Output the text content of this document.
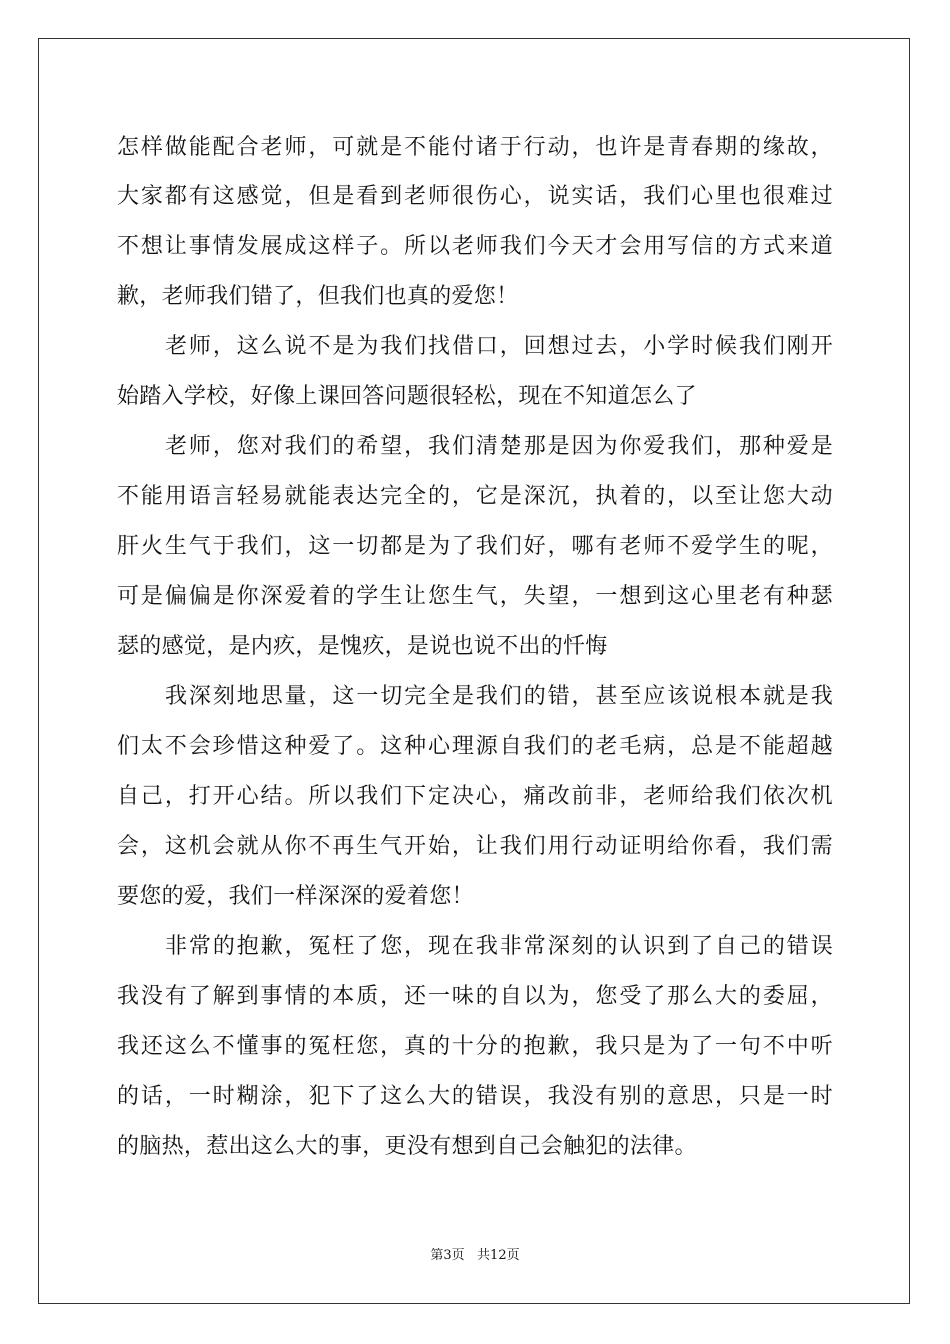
怎样做能配合老师，可就是不能付诸于行动，也许是青春期的缘故，

大家都有这感觉，但是看到老师很伤心，说实话，我们心里也很难过

不想让事情发展成这样子。所以老师我们今天才会用写信的方式来道

歉，老师我们错了，但我们也真的爱您！

老师，这么说不是为我们找借口，回想过去，小学时候我们刚开

始踏入学校，好像上课回答问题很轻松，现在不知道怎么了

老师，您对我们的希望，我们清楚那是因为你爱我们，那种爱是

不能用语言轻易就能表达完全的，它是深沉，执着的，以至让您大动

肝火生气于我们，这一切都是为了我们好，哪有老师不爱学生的呢，

可是偏偏是你深爱着的学生让您生气，失望，一想到这心里老有种瑟

瑟的感觉，是内疚，是愧疚，是说也说不出的忏悔

我深刻地思量，这一切完全是我们的错，甚至应该说根本就是我

们太不会珍惜这种爱了。这种心理源自我们的老毛病，总是不能超越

自己，打开心结。所以我们下定决心，痛改前非，老师给我们依次机

会，这机会就从你不再生气开始，让我们用行动证明给你看，我们需

要您的爱，我们一样深深的爱着您！

非常的抱歉，冤枉了您，现在我非常深刻的认识到了自己的错误

我没有了解到事情的本质，还一味的自以为，您受了那么大的委屈，

我还这么不懂事的冤枉您，真的十分的抱歉，我只是为了一句不中听

的话，一时糊涂，犯下了这么大的错误，我没有别的意思，只是一时

的脑热，惹出这么大的事，更没有想到自己会触犯的法律。

第3页   共12页
